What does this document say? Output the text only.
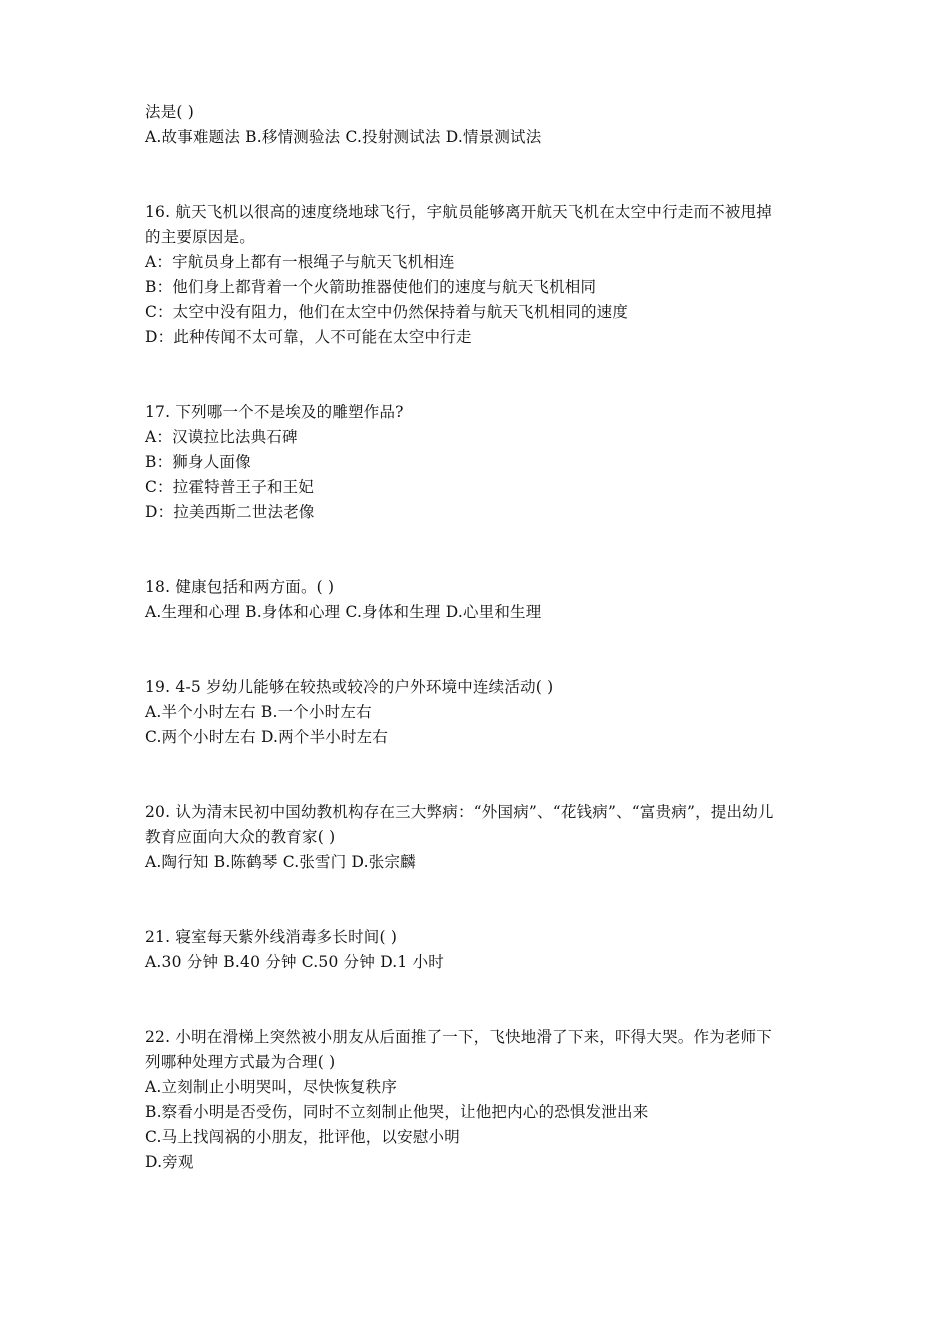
法是( )
A.故事难题法 B.移情测验法 C.投射测试法 D.情景测试法
16. 航天飞机以很高的速度绕地球飞行，宇航员能够离开航天飞机在太空中行走而不被甩掉
的主要原因是。
A：宇航员身上都有一根绳子与航天飞机相连
B：他们身上都背着一个火箭助推器使他们的速度与航天飞机相同
C：太空中没有阻力，他们在太空中仍然保持着与航天飞机相同的速度
D：此种传闻不太可靠，人不可能在太空中行走
17. 下列哪一个不是埃及的雕塑作品?
A：汉谟拉比法典石碑
B：狮身人面像
C：拉霍特普王子和王妃
D：拉美西斯二世法老像
18. 健康包括和两方面。( )
A.生理和心理 B.身体和心理 C.身体和生理 D.心里和生理
19. 4-5 岁幼儿能够在较热或较冷的户外环境中连续活动( )
A.半个小时左右 B.一个小时左右
C.两个小时左右 D.两个半小时左右
20. 认为清末民初中国幼教机构存在三大弊病：“外国病”、“花钱病”、“富贵病”，提出幼儿
教育应面向大众的教育家( )
A.陶行知 B.陈鹤琴 C.张雪门 D.张宗麟
21. 寝室每天紫外线消毒多长时间( )
A.30 分钟 B.40 分钟 C.50 分钟 D.1 小时
22. 小明在滑梯上突然被小朋友从后面推了一下，飞快地滑了下来，吓得大哭。作为老师下
列哪种处理方式最为合理( )
A.立刻制止小明哭叫，尽快恢复秩序
B.察看小明是否受伤，同时不立刻制止他哭，让他把内心的恐惧发泄出来
C.马上找闯祸的小朋友，批评他，以安慰小明
D.旁观
